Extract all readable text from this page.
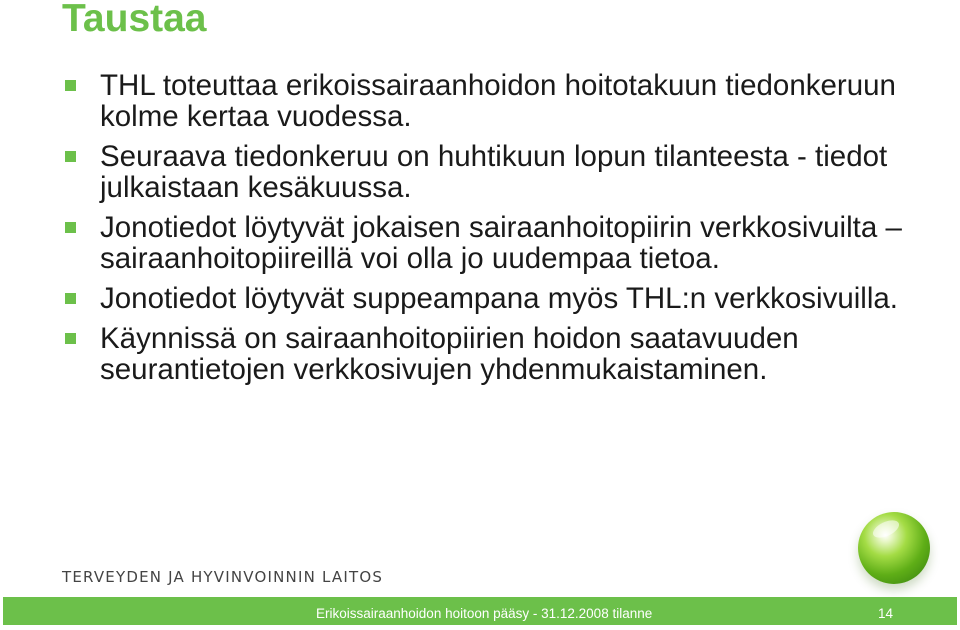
Taustaa
THL toteuttaa erikoissairaanhoidon hoitotakuun tiedonkeruun kolme kertaa vuodessa.
Seuraava tiedonkeruu on huhtikuun lopun tilanteesta - tiedot julkaistaan kesäkuussa.
Jonotiedot löytyvät jokaisen sairaanhoitopiirin verkkosivuilta – sairaanhoitopiireillä voi olla jo uudempaa tietoa.
Jonotiedot löytyvät suppeampana myös THL:n verkkosivuilla.
Käynnissä on sairaanhoitopiirien hoidon saatavuuden seurantietojen verkkosivujen yhdenmukaistaminen.
TERVEYDEN JA HYVINVOINNIN LAITOS
Erikoissairaanhoidon hoitoon pääsy - 31.12.2008 tilanne	14
